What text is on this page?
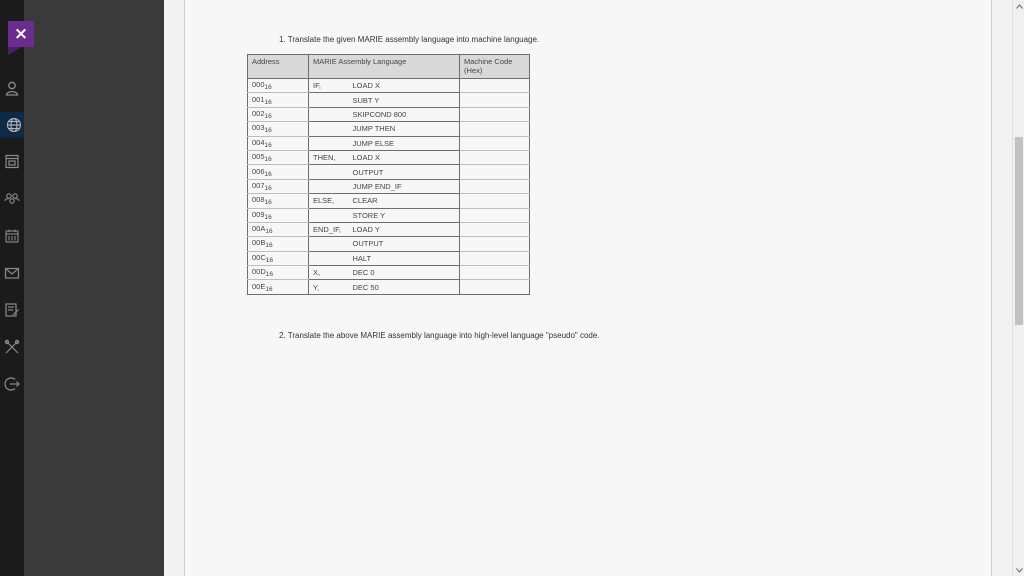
×	1. Translate the given MARIE assembly language into machine language.
Address	MARIE Assembly Language		Machine Code (Hex)
$000_{16}$	IF,	LOAD X	
$001_{16}$		SUBT Y	
$002_{16}$		SKIPCOND 800	
$003_{16}$		JUMP THEN	
$004_{16}$		JUMP ELSE	
$005_{16}$	THEN,	LOAD X	
$006_{16}$		OUTPUT	
$007_{16}$		JUMP END_IF	
$008_{16}$	ELSE,	CLEAR	
$009_{16}$		STORE Y	
$00A_{16}$	END_IF,	LOAD Y	
$00B_{16}$		OUTPUT	
$00C_{16}$		HALT	
$00D_{16}$	X,	DEC 0	
$00E_{16}$	Y,	DEC 50	
2. Translate the above MARIE assembly language into high-level language "pseudo" code.
